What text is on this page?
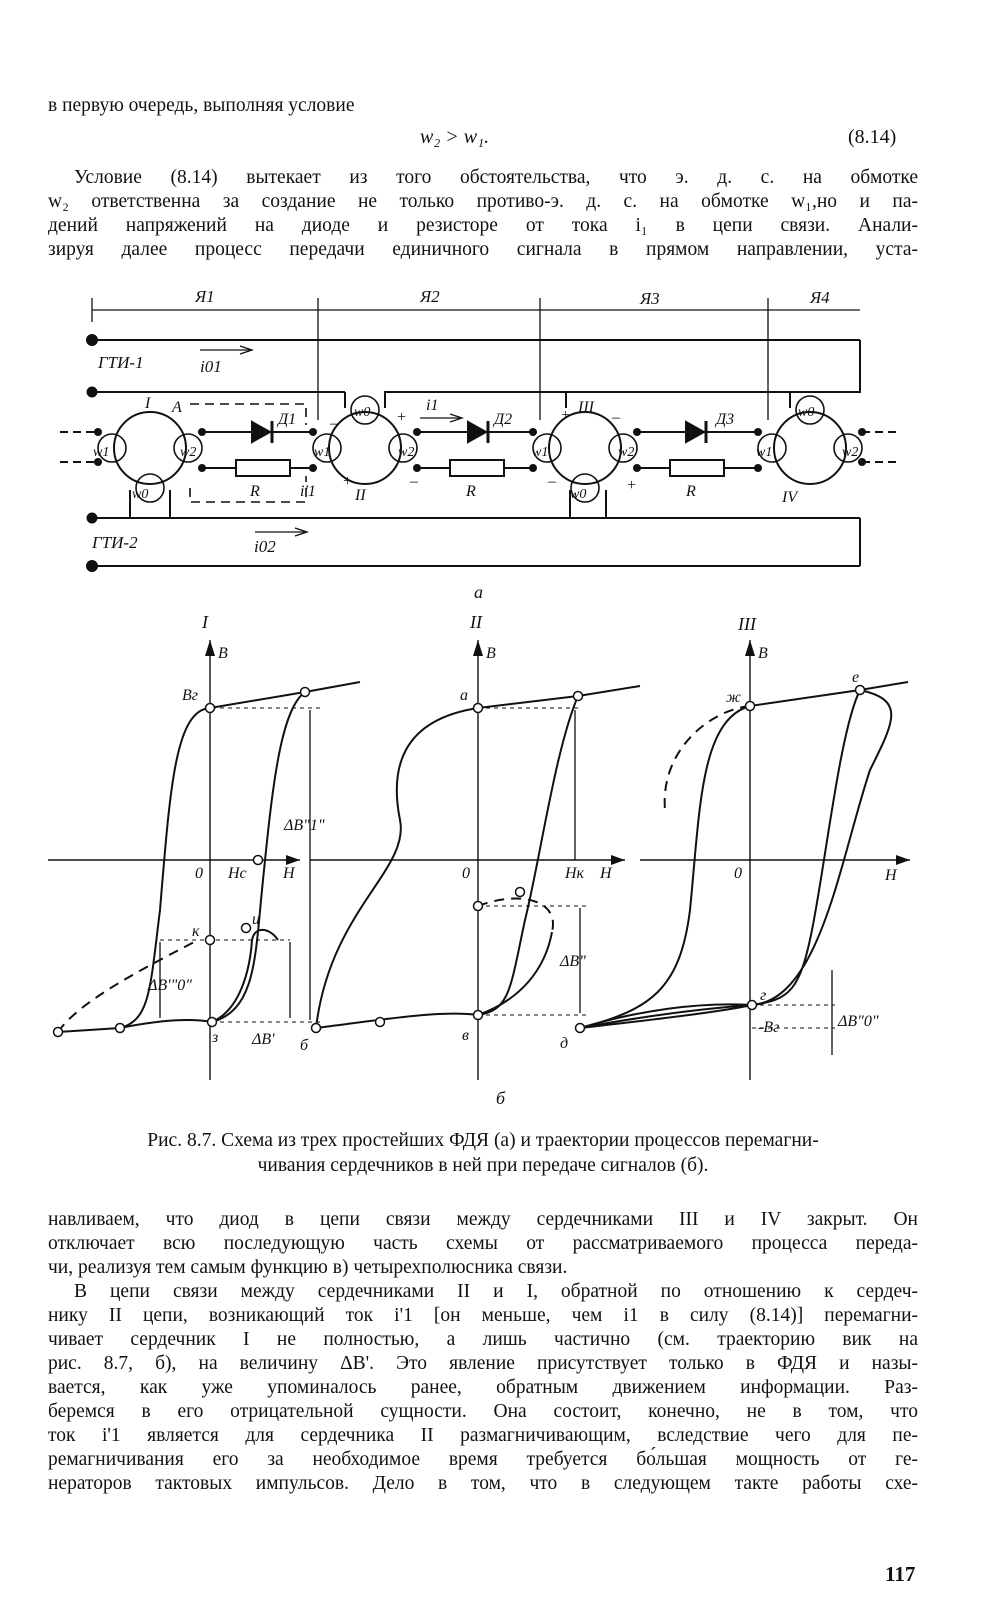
в первую очередь, выполняя условие

w₂ > w₁.	(8.14)

Условие (8.14) вытекает из того обстоятельства, что э. д. с. на обмотке

w₂ ответственна за создание не только противо-э. д. с. на обмотке w₁,но и па-

дений напряжений на диоде и резисторе от тока i₁ в цепи связи. Анали-

зируя далее процесс передачи единичного сигнала в прямом направлении, уста-

Я1	Я2	Я3	Я4
ГТИ-1	i01
ГТИ-2	i02
I
II
III
IV
A
Д1	Д2	Д3
R	R	R
i1
i'1
w1	w2
w0
w1	w2
w0
w1	w2
w0
w1	w2
w0
+
+
–
+
–
–
–	+
а
I	II	III
B
H
0
Bг
Hc
к
и
з
ΔB"1"
ΔB'"0"
ΔB'
B
H
0
а
Hк
б
в
ΔB"
B
H
0
ж
е
г
д
-Bг	ΔB"0"
б
Рис. 8.7. Схема из трех простейших ФДЯ (а) и траектории процессов перемагни-
чивания сердечников в ней при передаче сигналов (б).

навливаем, что диод в цепи связи между сердечниками III и IV закрыт. Он

отключает всю последующую часть схемы от рассматриваемого процесса переда-

чи, реализуя тем самым функцию в) четырехполюсника связи.

В цепи связи между сердечниками II и I, обратной по отношению к сердеч-

нику II цепи, возникающий ток i'1 [он меньше, чем i1 в силу (8.14)] перемагни-

чивает сердечник I не полностью, а лишь частично (см. траекторию вик на

рис. 8.7, б), на величину ΔB'. Это явление присутствует только в ФДЯ и назы-

вается, как уже упоминалось ранее, обратным движением информации. Раз-

беремся в его отрицательной сущности. Она состоит, конечно, не в том, что

ток i'1 является для сердечника II размагничивающим, вследствие чего для пе-

ремагничивания его за необходимое время требуется бо́льшая мощность от ге-

нераторов тактовых импульсов. Дело в том, что в следующем такте работы схе-

117
